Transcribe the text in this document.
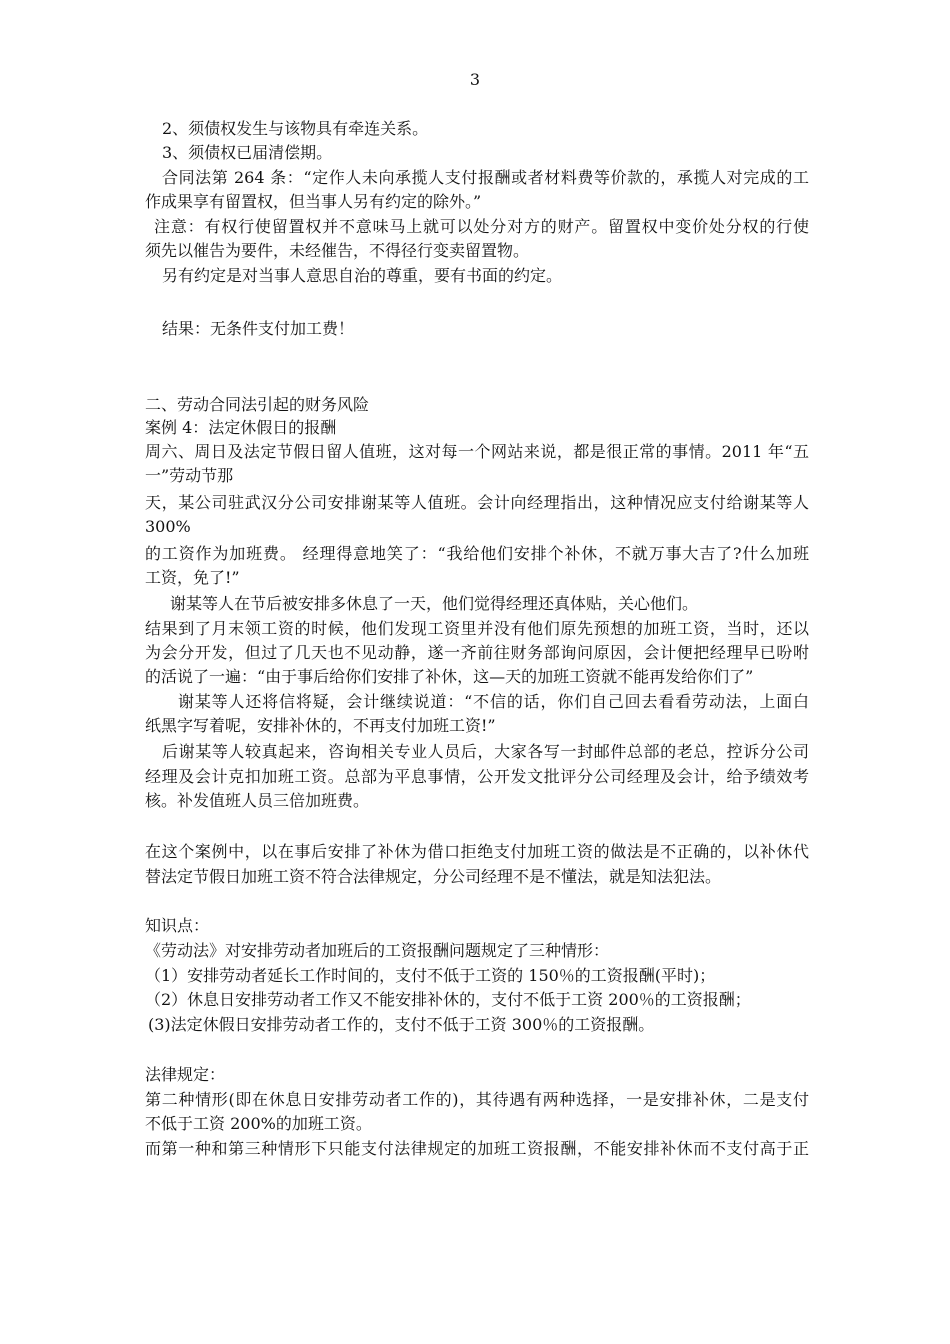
3
2、须债权发生与该物具有牵连关系。
3、须债权已届清偿期。
合同法第 264 条：“定作人未向承揽人支付报酬或者材料费等价款的，承揽人对完成的工
作成果享有留置权，但当事人另有约定的除外。”
注意：有权行使留置权并不意味马上就可以处分对方的财产。留置权中变价处分权的行使
须先以催告为要件，未经催告，不得径行变卖留置物。
另有约定是对当事人意思自治的尊重，要有书面的约定。
结果：无条件支付加工费！
二、劳动合同法引起的财务风险
案例 4：法定休假日的报酬
周六、周日及法定节假日留人值班，这对每一个网站来说，都是很正常的事情。2011 年“五
一”劳动节那
天，某公司驻武汉分公司安排谢某等人值班。会计向经理指出，这种情况应支付给谢某等人
300%
的工资作为加班费。 经理得意地笑了：“我给他们安排个补休，不就万事大吉了?什么加班
工资，免了!”
谢某等人在节后被安排多休息了一天，他们觉得经理还真体贴，关心他们。
结果到了月末领工资的时候，他们发现工资里并没有他们原先预想的加班工资，当时，还以
为会分开发，但过了几天也不见动静，遂一齐前往财务部询问原因，会计便把经理早已吩咐
的活说了一遍：“由于事后给你们安排了补休，这—天的加班工资就不能再发给你们了”
谢某等人还将信将疑，会计继续说道：“不信的话，你们自己回去看看劳动法，上面白
纸黑字写着呢，安排补休的，不再支付加班工资!”
后谢某等人较真起来，咨询相关专业人员后，大家各写一封邮件总部的老总，控诉分公司
经理及会计克扣加班工资。总部为平息事情，公开发文批评分公司经理及会计，给予绩效考
核。补发值班人员三倍加班费。
在这个案例中，以在事后安排了补休为借口拒绝支付加班工资的做法是不正确的，以补休代
替法定节假日加班工资不符合法律规定，分公司经理不是不懂法，就是知法犯法。
知识点：
《劳动法》对安排劳动者加班后的工资报酬问题规定了三种情形：
（1）安排劳动者延长工作时间的，支付不低于工资的 150％的工资报酬(平时)；
（2）休息日安排劳动者工作又不能安排补休的，支付不低于工资 200％的工资报酬；
(3)法定休假日安排劳动者工作的，支付不低于工资 300％的工资报酬。
法律规定：
第二种情形(即在休息日安排劳动者工作的)，其待遇有两种选择，一是安排补休，二是支付
不低于工资 200%的加班工资。
而第一种和第三种情形下只能支付法律规定的加班工资报酬，不能安排补休而不支付高于正
